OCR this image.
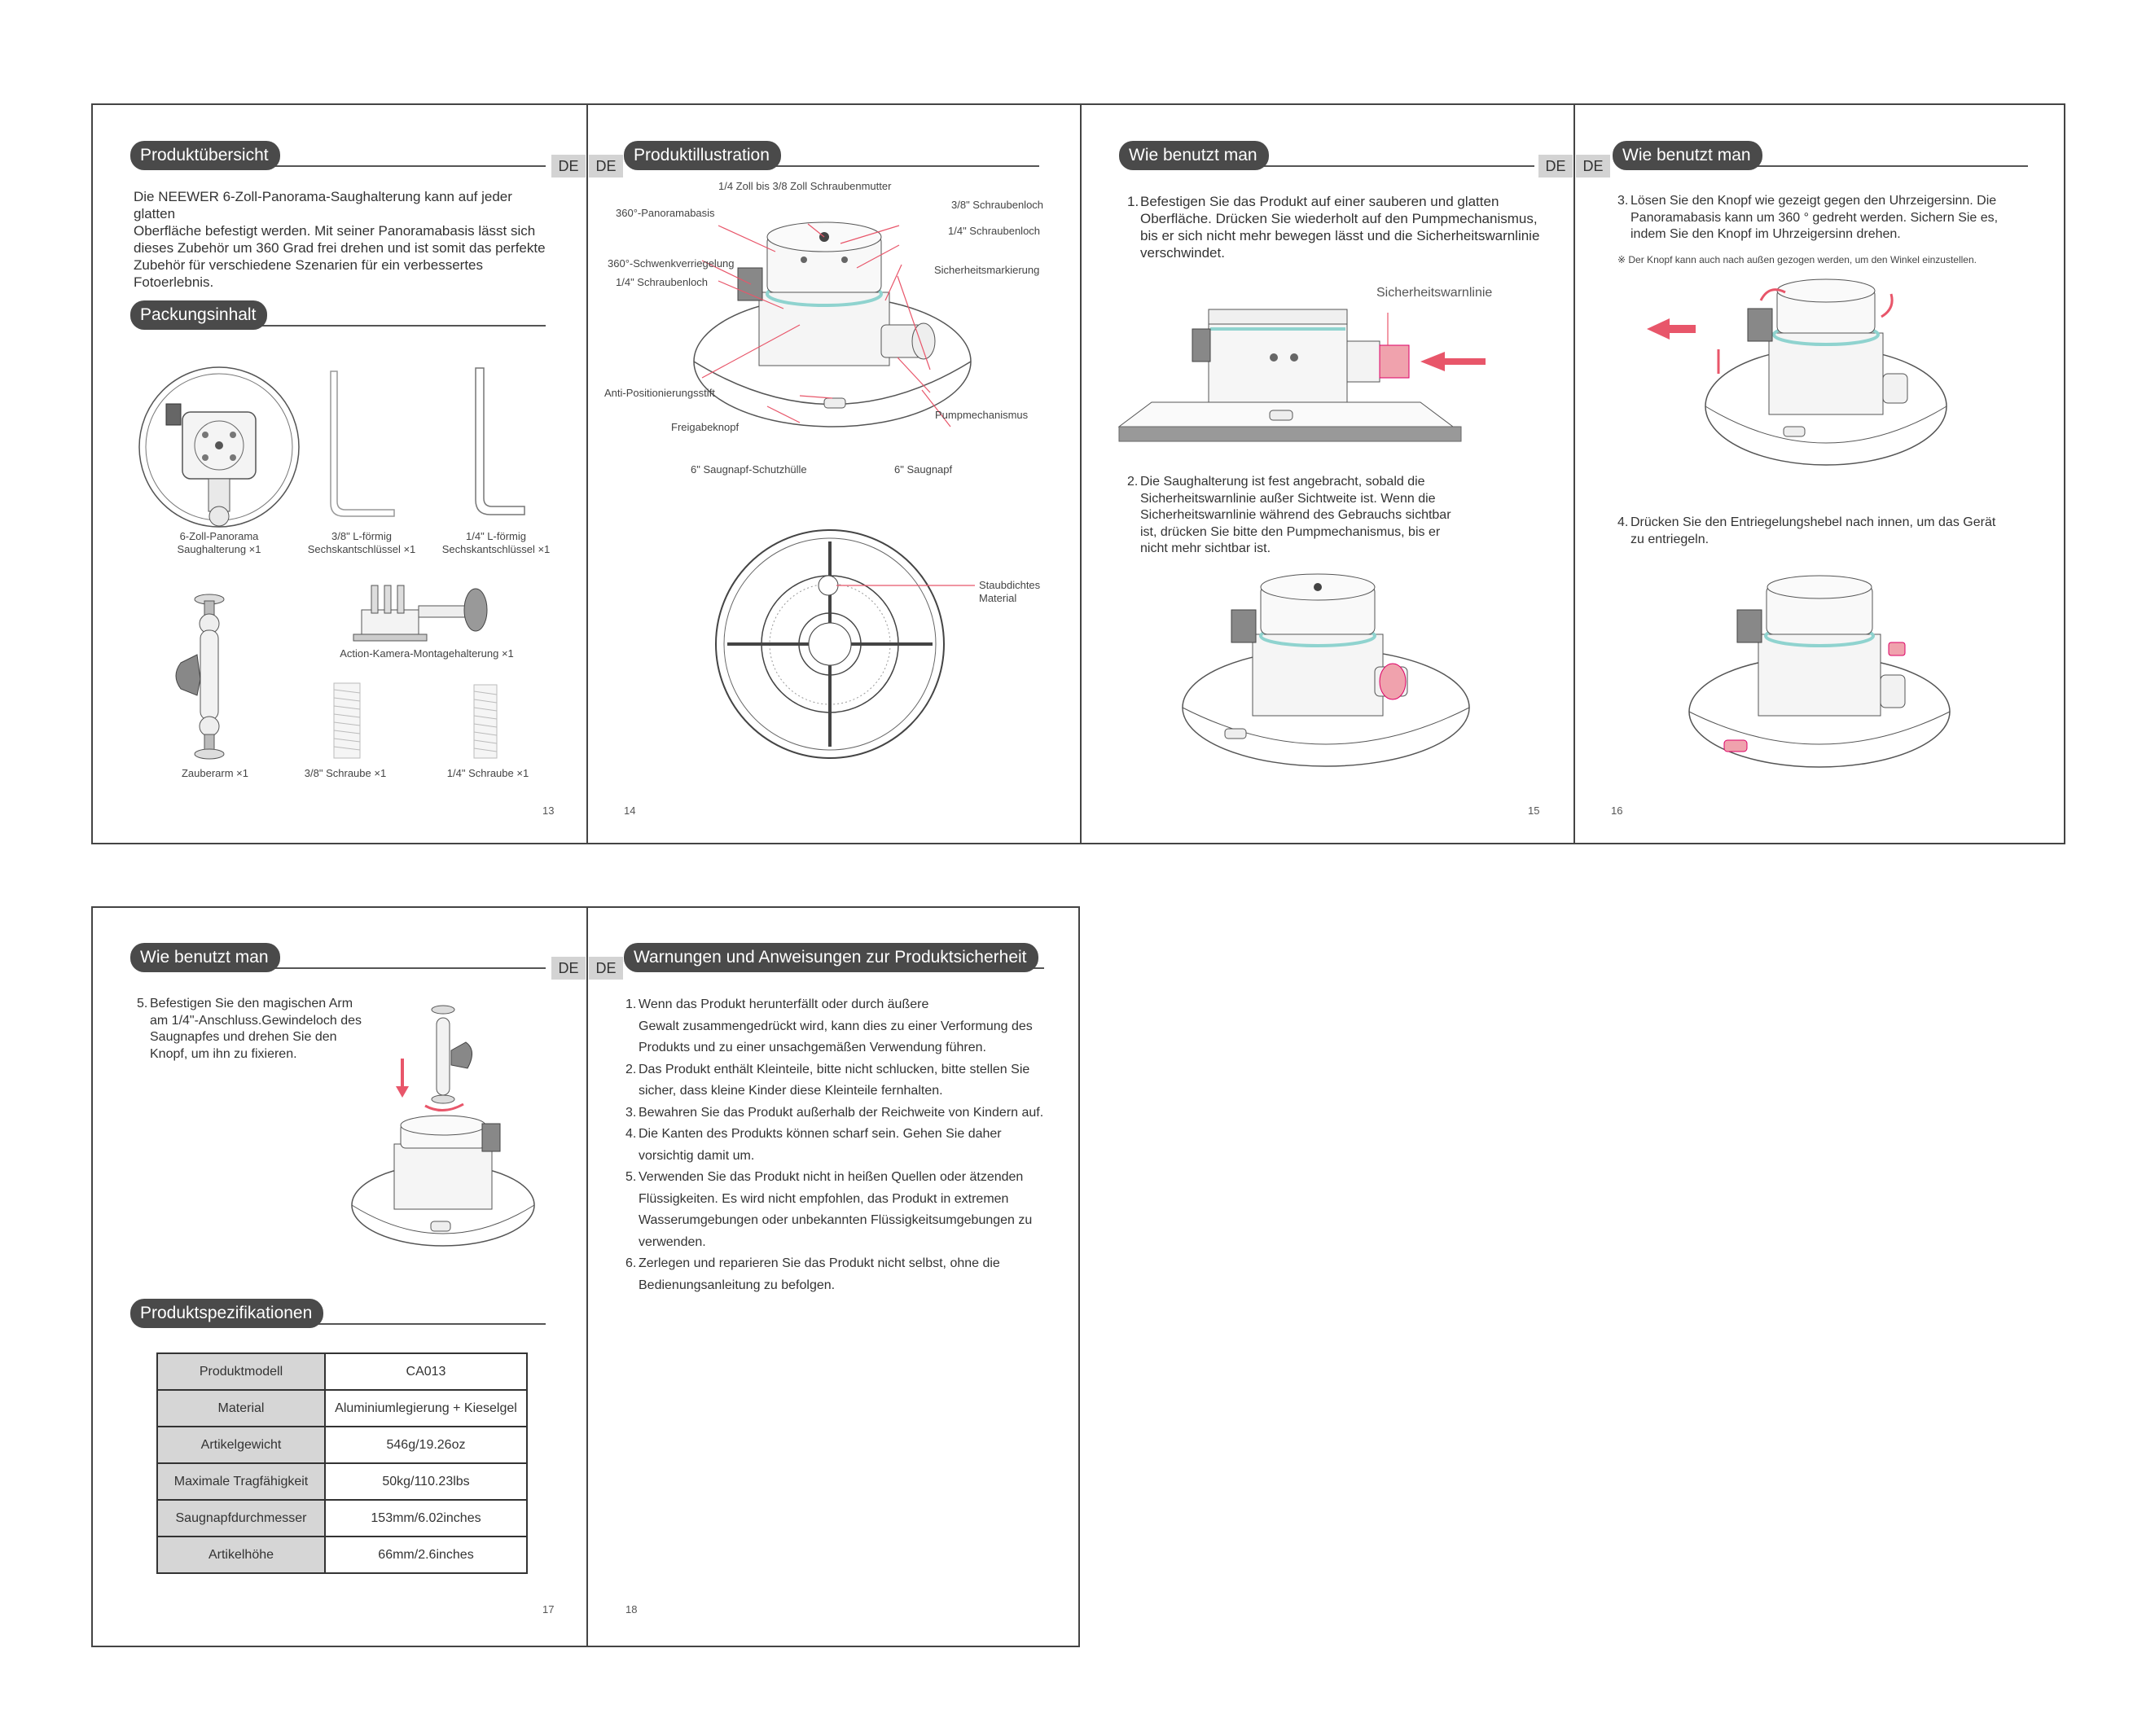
DE	DE	DE	DE
Produktübersicht
Die NEEWER 6-Zoll-Panorama-Saughalterung kann auf jeder glatten
Oberfläche befestigt werden. Mit seiner Panoramabasis lässt sich
dieses Zubehör um 360 Grad frei drehen und ist somit das perfekte
Zubehör für verschiedene Szenarien für ein verbessertes Fotoerlebnis.
Packungsinhalt
6-Zoll-Panorama
Saughalterung ×1
3/8" L-förmig
Sechskantschlüssel ×1
1/4" L-förmig
Sechskantschlüssel ×1
Zauberarm ×1
Action-Kamera-Montagehalterung ×1
3/8" Schraube ×1	1/4" Schraube ×1
13
Produktillustration
1/4 Zoll bis 3/8 Zoll Schraubenmutter
360°-Panoramabasis
360°-Schwenkverriegelung
1/4" Schraubenloch
Anti-Positionierungsstift
Freigabeknopf
6" Saugnapf-Schutzhülle
3/8" Schraubenloch
1/4" Schraubenloch
Sicherheitsmarkierung
Pumpmechanismus
6" Saugnapf
Staubdichtes
Material
14
Wie benutzt man
1. Befestigen Sie das Produkt auf einer sauberen und glatten
Oberfläche. Drücken Sie wiederholt auf den Pumpmechanismus,
bis er sich nicht mehr bewegen lässt und die Sicherheitswarnlinie
verschwindet.
Sicherheitswarnlinie
2. Die Saughalterung ist fest angebracht, sobald die
Sicherheitswarnlinie außer Sichtweite ist. Wenn die
Sicherheitswarnlinie während des Gebrauchs sichtbar
ist, drücken Sie bitte den Pumpmechanismus, bis er
nicht mehr sichtbar ist.
15
Wie benutzt man
3. Lösen Sie den Knopf wie gezeigt gegen den Uhrzeigersinn. Die
Panoramabasis kann um 360 ° gedreht werden. Sichern Sie es,
indem Sie den Knopf im Uhrzeigersinn drehen.
※ Der Knopf kann auch nach außen gezogen werden, um den Winkel einzustellen.
4. Drücken Sie den Entriegelungshebel nach innen, um das Gerät
zu entriegeln.
16
DE	DE
Wie benutzt man
5. Befestigen Sie den magischen Arm
am 1/4"-Anschluss.Gewindeloch des
Saugnapfes und drehen Sie den
Knopf, um ihn zu fixieren.
Produktspezifikationen
Produktmodell	CA013
Material	Aluminiumlegierung + Kieselgel
Artikelgewicht	546g/19.26oz
Maximale Tragfähigkeit	50kg/110.23lbs
Saugnapfdurchmesser	153mm/6.02inches
Artikelhöhe	66mm/2.6inches
17
Warnungen und Anweisungen zur Produktsicherheit
1. Wenn das Produkt herunterfällt oder durch äußere
Gewalt zusammengedrückt wird, kann dies zu einer Verformung des
Produkts und zu einer unsachgemäßen Verwendung führen.
2. Das Produkt enthält Kleinteile, bitte nicht schlucken, bitte stellen Sie
sicher, dass kleine Kinder diese Kleinteile fernhalten.
3. Bewahren Sie das Produkt außerhalb der Reichweite von Kindern auf.
4. Die Kanten des Produkts können scharf sein. Gehen Sie daher
vorsichtig damit um.
5. Verwenden Sie das Produkt nicht in heißen Quellen oder ätzenden
Flüssigkeiten. Es wird nicht empfohlen, das Produkt in extremen
Wasserumgebungen oder unbekannten Flüssigkeitsumgebungen zu
verwenden.
6. Zerlegen und reparieren Sie das Produkt nicht selbst, ohne die
Bedienungsanleitung zu befolgen.
18
